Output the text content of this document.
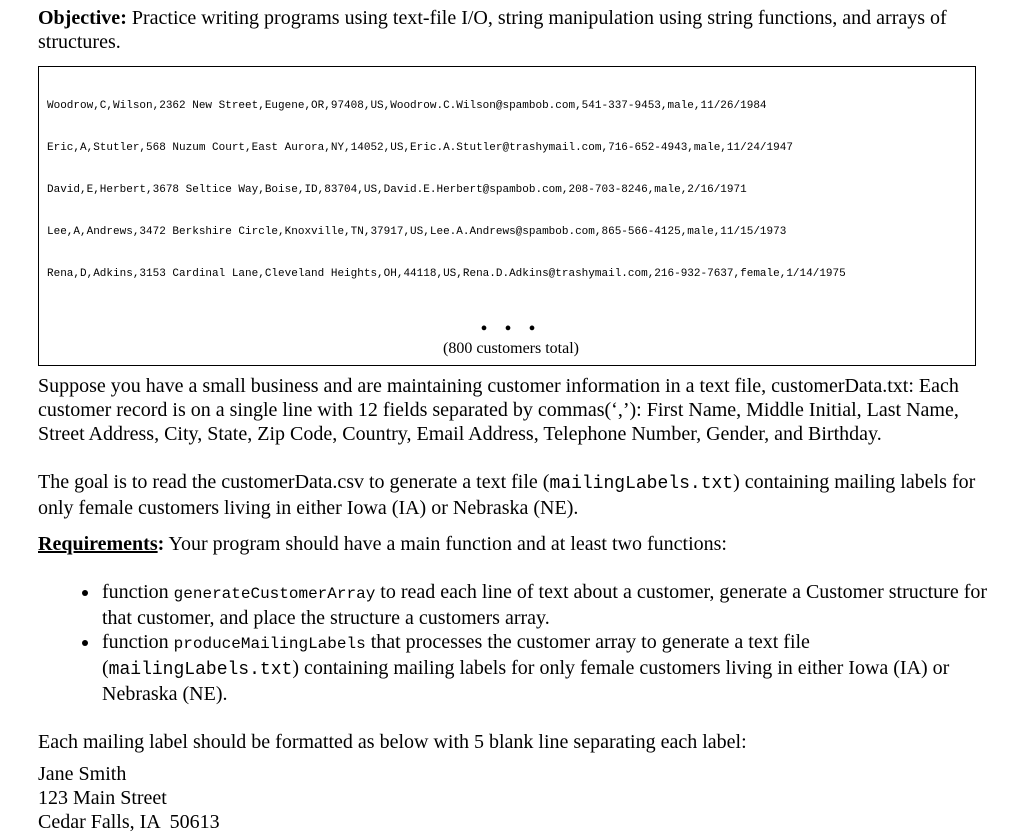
Objective: Practice writing programs using text-file I/O, string manipulation using string functions, and arrays of structures.

Woodrow,C,Wilson,2362 New Street,Eugene,OR,97408,US,Woodrow.C.Wilson@spambob.com,541-337-9453,male,11/26/1984

Eric,A,Stutler,568 Nuzum Court,East Aurora,NY,14052,US,Eric.A.Stutler@trashymail.com,716-652-4943,male,11/24/1947

David,E,Herbert,3678 Seltice Way,Boise,ID,83704,US,David.E.Herbert@spambob.com,208-703-8246,male,2/16/1971

Lee,A,Andrews,3472 Berkshire Circle,Knoxville,TN,37917,US,Lee.A.Andrews@spambob.com,865-566-4125,male,11/15/1973

Rena,D,Adkins,3153 Cardinal Lane,Cleveland Heights,OH,44118,US,Rena.D.Adkins@trashymail.com,216-932-7637,female,1/14/1975

• • •
(800 customers total)

Suppose you have a small business and are maintaining customer information in a text file, customerData.txt: Each customer record is on a single line with 12 fields separated by commas(‘,’): First Name, Middle Initial, Last Name, Street Address, City, State, Zip Code, Country, Email Address, Telephone Number, Gender, and Birthday.

The goal is to read the customerData.csv to generate a text file (mailingLabels.txt) containing mailing labels for only female customers living in either Iowa (IA) or Nebraska (NE).

Requirements: Your program should have a main function and at least two functions:

• function generateCustomerArray to read each line of text about a customer, generate a Customer structure for that customer, and place the structure a customers array.
• function produceMailingLabels that processes the customer array to generate a text file (mailingLabels.txt) containing mailing labels for only female customers living in either Iowa (IA) or Nebraska (NE).

Each mailing label should be formatted as below with 5 blank line separating each label:

Jane Smith
123 Main Street
Cedar Falls, IA  50613
